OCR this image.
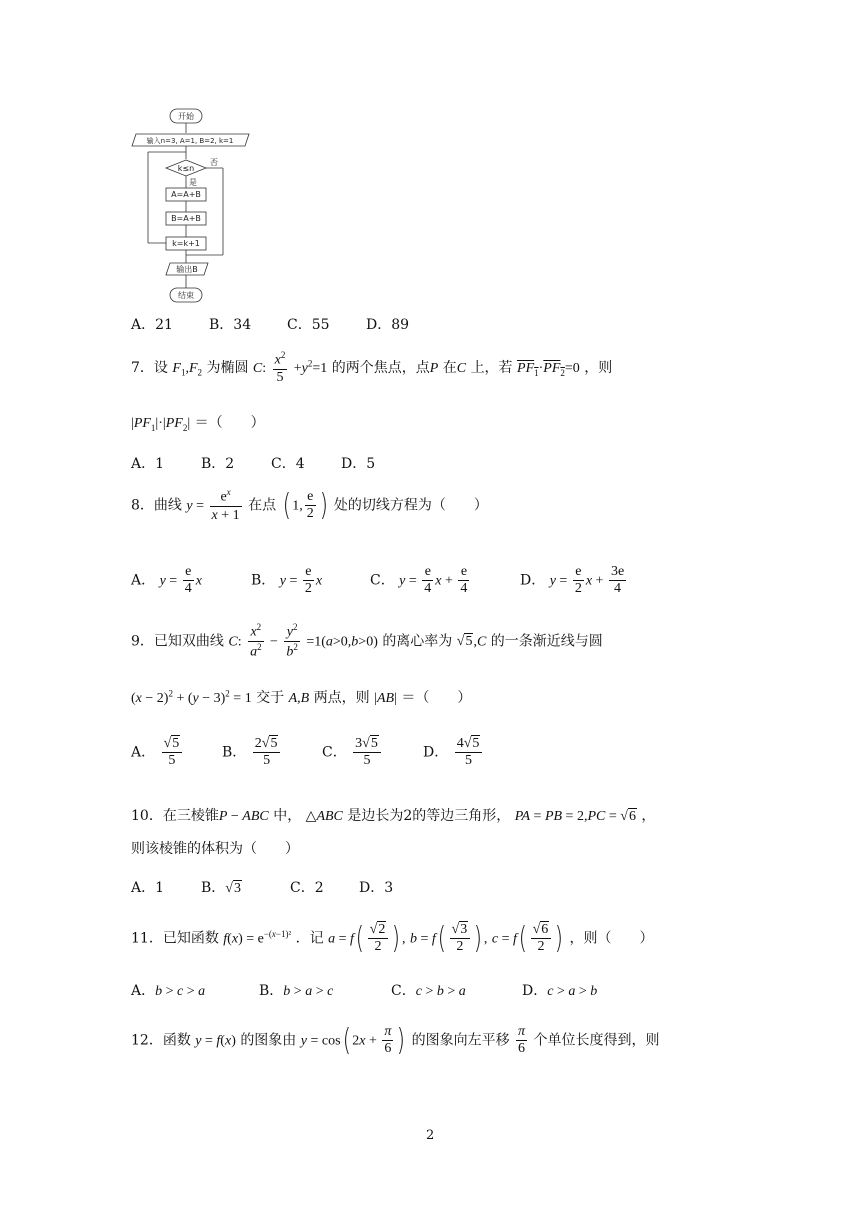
开始
输入n=3, A=1, B=2, k=1
k≤n
否
是
A=A+B
B=A+B
k=k+1
输出B
结束
A．21	B．34	C．55	D．89
7．设 $F_1,F_2$ 为椭圆 C: $\frac{x^2}{5} +y^2=1$ 的两个焦点，点P 在C 上，若 $PF_1\cdot PF_2=0$ ，则
$|PF_1|\cdot|PF_2|$ ＝（　　）
A．1	B．2	C．4	D．5
8．曲线 $y = \frac{e^x}{x + 1}$ 在点 ( 1, $\frac{e}{2}$ ) 处的切线方程为（　　）
A． $y = \frac{e}{4}$ x	B． $y = \frac{e}{2}$ x	C． $y = \frac{e}{4}$ $x + \frac{e}{4}$	D． $y = \frac{e}{2}$ $x + \frac{3e}{4}$
9．已知双曲线 C: $\frac{x^2}{a^2} - \frac{y^2}{b^2} =1(a>0,b>0)$ 的离心率为 √5,C 的一条渐近线与圆
$(x - 2)^2 + (y - 3)^2 = 1$ 交于 A,B 两点，则 |AB| ＝（　　）
A． $\frac{√5}{5}$	B． $\frac{2√5}{5}$	C． $\frac{3√5}{5}$	D． $\frac{4√5}{5}$
10．在三棱锥P − ABC 中， △ABC 是边长为2的等边三角形， PA = PB = 2,PC = √6 ，
则该棱锥的体积为（　　）
A．1	B．√3	C．2	D．3
11．已知函数 $f(x) = e^{-(x-1)^2}$ ．记 $a = f( \frac{√2}{2}$ ) , $b = f( \frac{√3}{2}$ ) , $c = f( \frac{√6}{2}$ ) ，则（　　）
A．b > c > a	B．b > a > c	C．c > b > a	D．c > a > b
12．函数 y = f(x) 的图象由 y = cos( $2x + \frac{\pi}{6}$ ) 的图象向左平移 $\frac{\pi}{6}$ 个单位长度得到，则
2
